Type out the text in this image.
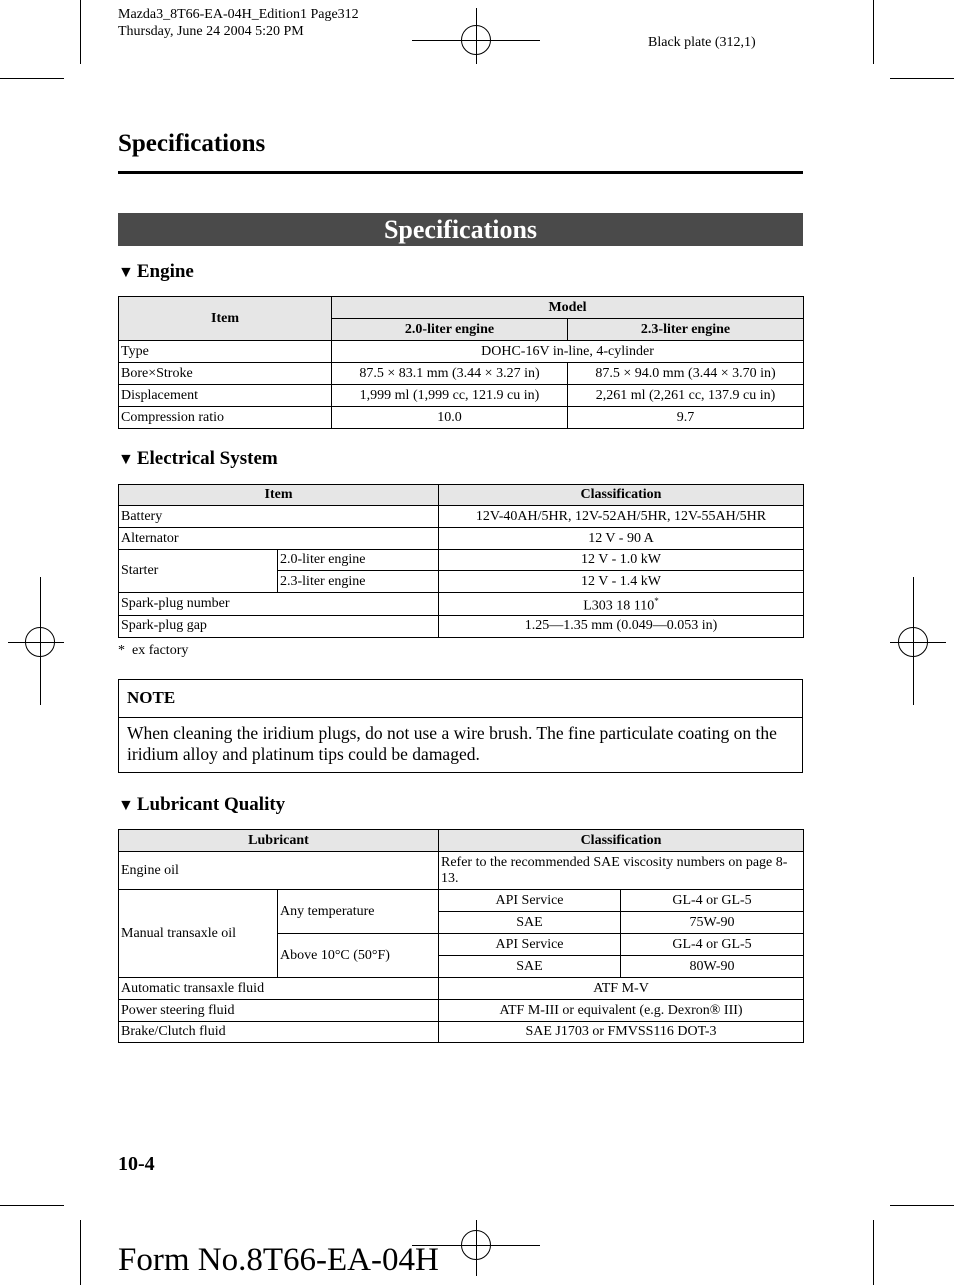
Mazda3_8T66-EA-04H_Edition1 Page312
Thursday, June 24 2004 5:20 PM
Black plate (312,1)
Specifications
Specifications
▼ Engine
Item	Model	
	2.0-liter engine	2.3-liter engine
Type	DOHC-16V in-line, 4-cylinder	
Bore×Stroke	87.5 × 83.1 mm (3.44 × 3.27 in)	87.5 × 94.0 mm (3.44 × 3.70 in)
Displacement	1,999 ml (1,999 cc, 121.9 cu in)	2,261 ml (2,261 cc, 137.9 cu in)
Compression ratio	10.0	9.7
▼ Electrical System
Item		Classification
Battery		12V-40AH/5HR, 12V-52AH/5HR, 12V-55AH/5HR
Alternator		12 V - 90 A
Starter	2.0-liter engine	12 V - 1.0 kW
	2.3-liter engine	12 V - 1.4 kW
Spark-plug number		L303 18 110*
Spark-plug gap		1.25—1.35 mm (0.049—0.053 in)
*  ex factory
NOTE
When cleaning the iridium plugs, do not use a wire brush. The fine particulate coating on the iridium alloy and platinum tips could be damaged.
▼ Lubricant Quality
Lubricant		Classification	
Engine oil		Refer to the recommended SAE viscosity numbers on page 8-13.	
Manual transaxle oil	Any temperature	API Service	GL-4 or GL-5
		SAE	75W-90
	Above 10°C (50°F)	API Service	GL-4 or GL-5
		SAE	80W-90
Automatic transaxle fluid		ATF M-V	
Power steering fluid		ATF M-III or equivalent (e.g. Dexron® III)	
Brake/Clutch fluid		SAE J1703 or FMVSS116 DOT-3	
10-4
Form No.8T66-EA-04H
